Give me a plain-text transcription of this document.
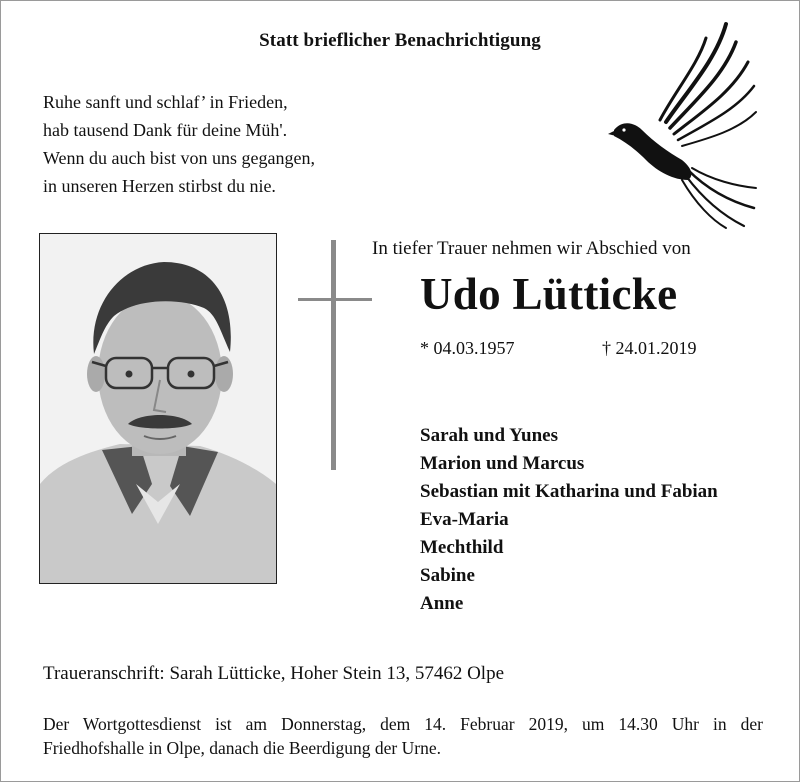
Statt brieflicher Benachrichtigung
Ruhe sanft und schlaf’ in Frieden,
hab tausend Dank für deine Müh'.
Wenn du auch bist von uns gegangen,
in unseren Herzen stirbst du nie.
In tiefer Trauer nehmen wir Abschied von
Udo Lütticke
* 04.03.1957	† 24.01.2019
Sarah und Yunes
Marion und Marcus
Sebastian mit Katharina und Fabian
Eva-Maria
Mechthild
Sabine
Anne
Traueranschrift: Sarah Lütticke, Hoher Stein 13, 57462 Olpe
Der Wortgottesdienst ist am Donnerstag, dem 14. Februar 2019, um 14.30 Uhr in der
Friedhofshalle in Olpe, danach die Beerdigung der Urne.
